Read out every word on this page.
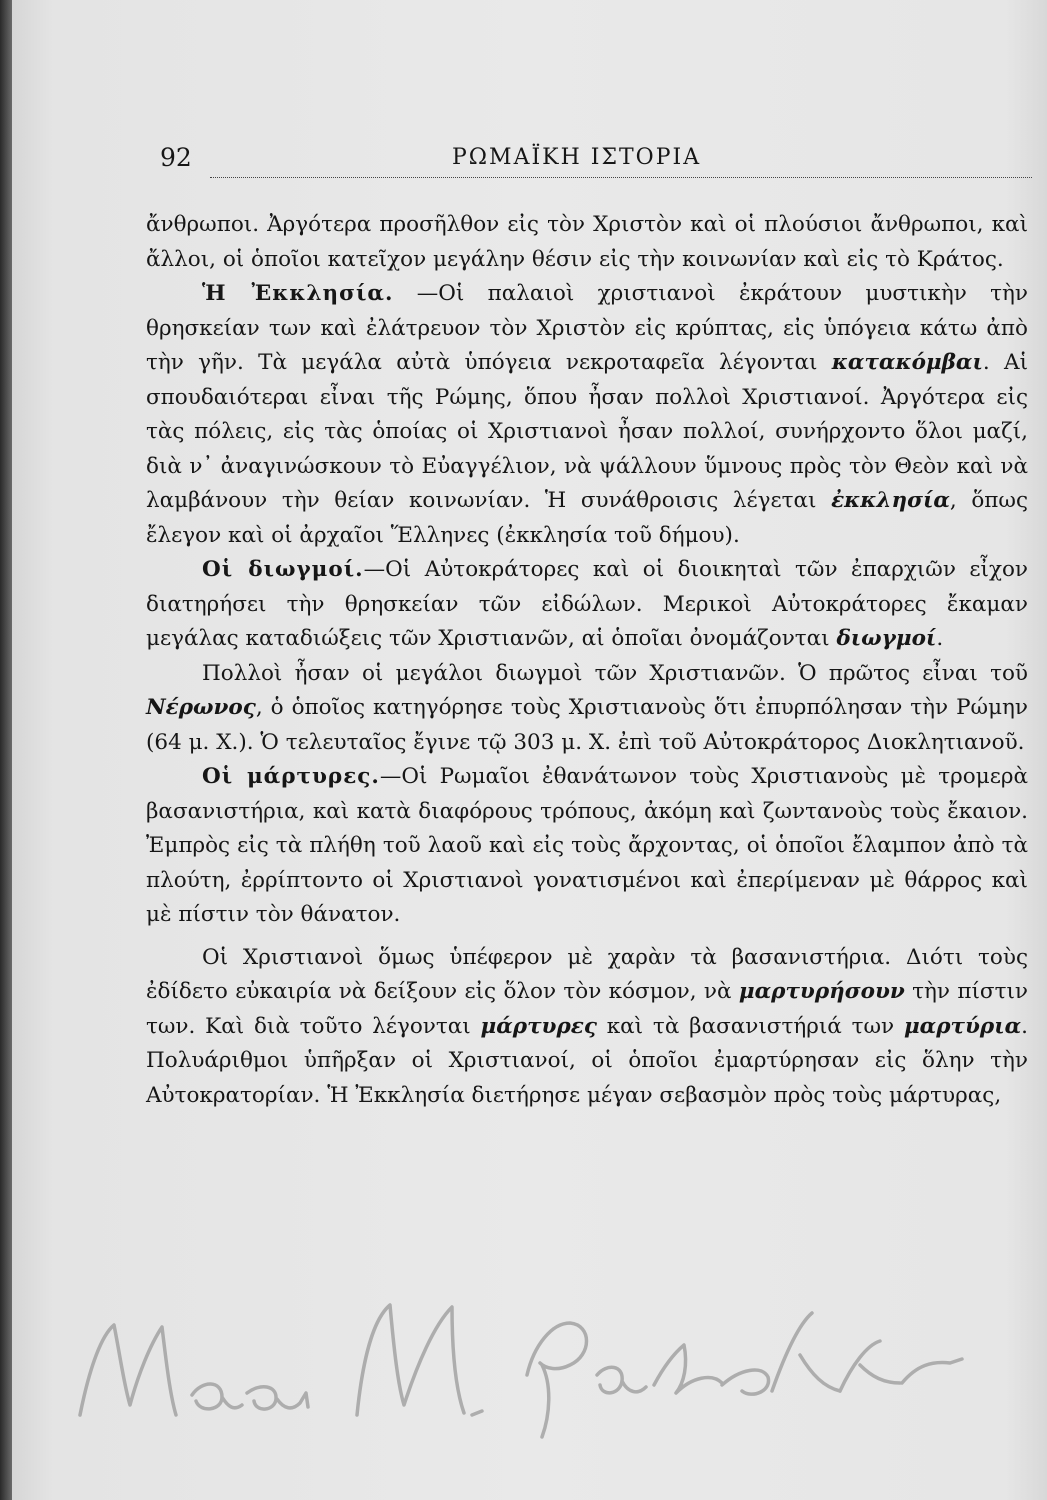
92	ΡΩΜΑΪΚΗ ΙΣΤΟΡΙΑ

ἄνθρωποι. Ἀργότερα προσῆλθον εἰς τὸν Χριστὸν καὶ οἱ πλούσιοι ἄνθρωποι, καὶ ἄλλοι, οἱ ὁποῖοι κατεῖχον μεγάλην θέσιν εἰς τὴν κοινωνίαν καὶ εἰς τὸ Κράτος.

Ἡ Ἐκκλησία. —Οἱ παλαιοὶ χριστιανοὶ ἐκράτουν μυστικὴν τὴν θρησκείαν των καὶ ἐλάτρευον τὸν Χριστὸν εἰς κρύπτας, εἰς ὑπόγεια κάτω ἀπὸ τὴν γῆν. Τὰ μεγάλα αὐτὰ ὑπόγεια νεκροταφεῖα λέγονται κατακόμβαι. Αἱ σπουδαιότεραι εἶναι τῆς Ρώμης, ὅπου ἦσαν πολλοὶ Χριστιανοί. Ἀργότερα εἰς τὰς πόλεις, εἰς τὰς ὁποίας οἱ Χριστιανοὶ ἦσαν πολλοί, συνήρχοντο ὅλοι μαζί, διὰ ν᾽ ἀναγινώσκουν τὸ Εὐαγγέλιον, νὰ ψάλλουν ὕμνους πρὸς τὸν Θεὸν καὶ νὰ λαμβάνουν τὴν θείαν κοινωνίαν. Ἡ συνάθροισις λέγεται ἐκκλησία, ὅπως ἔλεγον καὶ οἱ ἀρχαῖοι Ἕλληνες (ἐκκλησία τοῦ δήμου).

Οἱ διωγμοί.—Οἱ Αὐτοκράτορες καὶ οἱ διοικηταὶ τῶν ἐπαρχιῶν εἶχον διατηρήσει τὴν θρησκείαν τῶν εἰδώλων. Μερικοὶ Αὐτοκράτορες ἔκαμαν μεγάλας καταδιώξεις τῶν Χριστιανῶν, αἱ ὁποῖαι ὀνομάζονται διωγμοί.

Πολλοὶ ἦσαν οἱ μεγάλοι διωγμοὶ τῶν Χριστιανῶν. Ὁ πρῶτος εἶναι τοῦ Νέρωνος, ὁ ὁποῖος κατηγόρησε τοὺς Χριστιανοὺς ὅτι ἐπυρπόλησαν τὴν Ρώμην (64 μ. Χ.). Ὁ τελευταῖος ἔγινε τῷ 303 μ. Χ. ἐπὶ τοῦ Αὐτοκράτορος Διοκλητιανοῦ.

Οἱ μάρτυρες.—Οἱ Ρωμαῖοι ἐθανάτωνον τοὺς Χριστιανοὺς μὲ τρομερὰ βασανιστήρια, καὶ κατὰ διαφόρους τρόπους, ἀκόμη καὶ ζωντανοὺς τοὺς ἔκαιον. Ἐμπρὸς εἰς τὰ πλήθη τοῦ λαοῦ καὶ εἰς τοὺς ἄρχοντας, οἱ ὁποῖοι ἔλαμπον ἀπὸ τὰ πλούτη, ἐρρίπτοντο οἱ Χριστιανοὶ γονατισμένοι καὶ ἐπερίμεναν μὲ θάρρος καὶ μὲ πίστιν τὸν θάνατον.

Οἱ Χριστιανοὶ ὅμως ὑπέφερον μὲ χαρὰν τὰ βασανιστήρια. Διότι τοὺς ἐδίδετο εὐκαιρία νὰ δείξουν εἰς ὅλον τὸν κόσμον, νὰ μαρτυρήσουν τὴν πίστιν των. Καὶ διὰ τοῦτο λέγονται μάρτυρες καὶ τὰ βασανιστήριά των μαρτύρια. Πολυάριθμοι ὑπῆρξαν οἱ Χριστιανοί, οἱ ὁποῖοι ἐμαρτύρησαν εἰς ὅλην τὴν Αὐτοκρατορίαν. Ἡ Ἐκκλησία διετήρησε μέγαν σεβασμὸν πρὸς τοὺς μάρτυρας,
